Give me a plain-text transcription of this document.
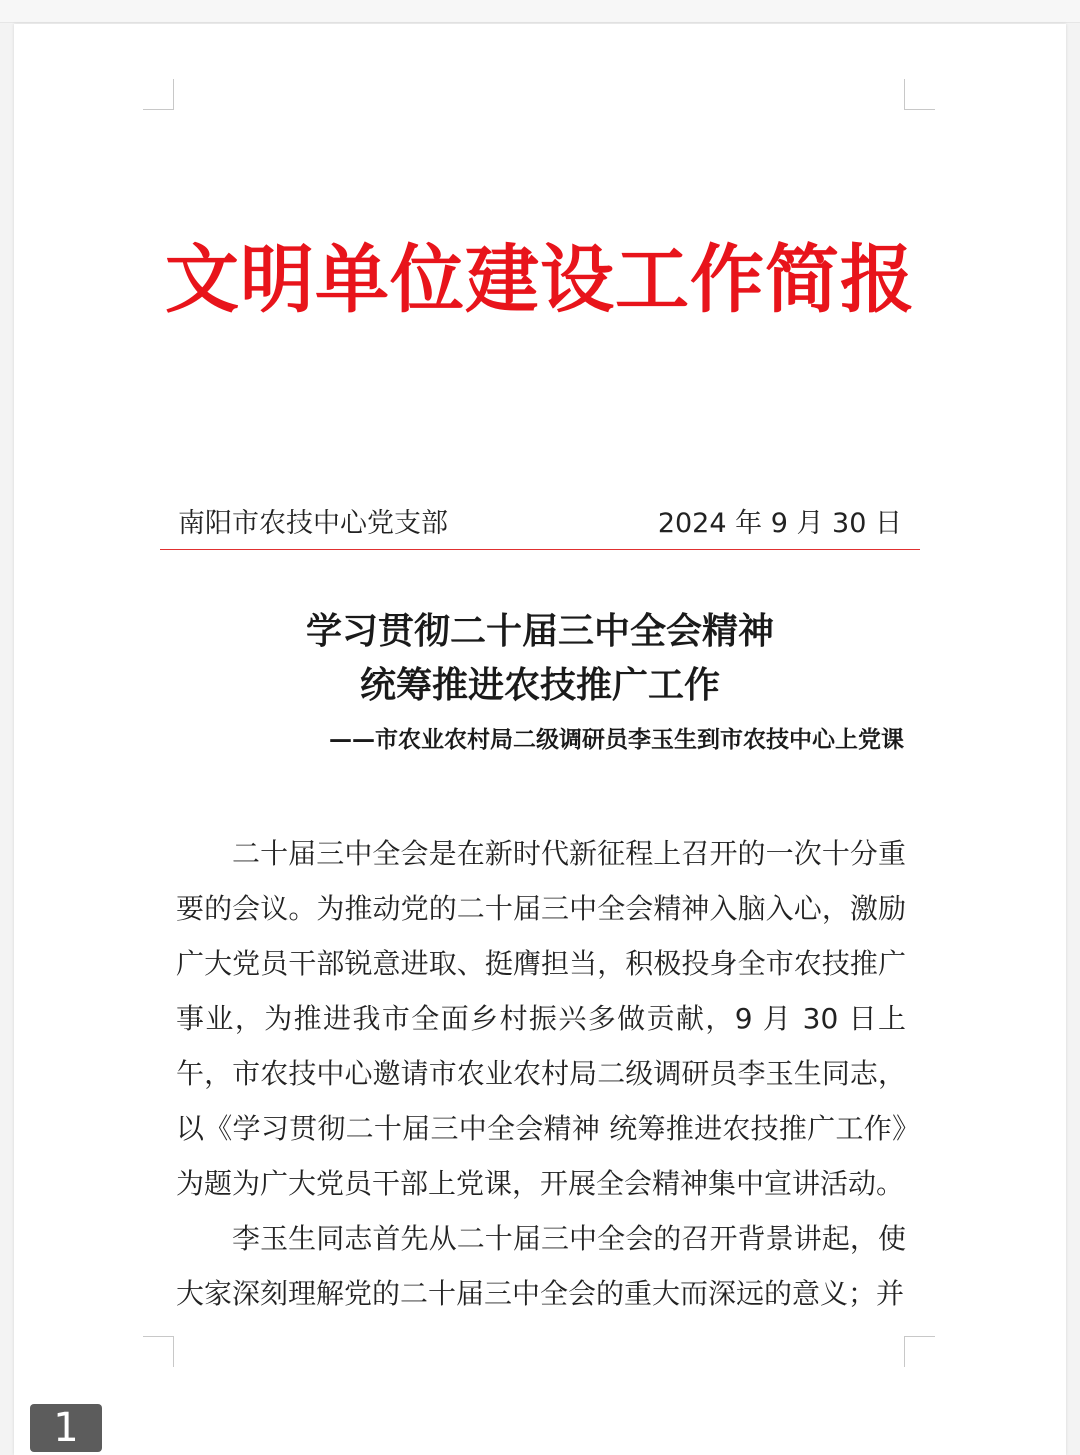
文明单位建设工作简报
南阳市农技中心党支部	2024 年 9 月 30 日
学习贯彻二十届三中全会精神
统筹推进农技推广工作
——市农业农村局二级调研员李玉生到市农技中心上党课

二十届三中全会是在新时代新征程上召开的一次十分重要的会议。为推动党的二十届三中全会精神入脑入心，激励广大党员干部锐意进取、挺膺担当，积极投身全市农技推广事业，为推进我市全面乡村振兴多做贡献，9 月 30 日上午，市农技中心邀请市农业农村局二级调研员李玉生同志，以《学习贯彻二十届三中全会精神 统筹推进农技推广工作》为题为广大党员干部上党课，开展全会精神集中宣讲活动。

李玉生同志首先从二十届三中全会的召开背景讲起，使大家深刻理解党的二十届三中全会的重大而深远的意义；并

1
